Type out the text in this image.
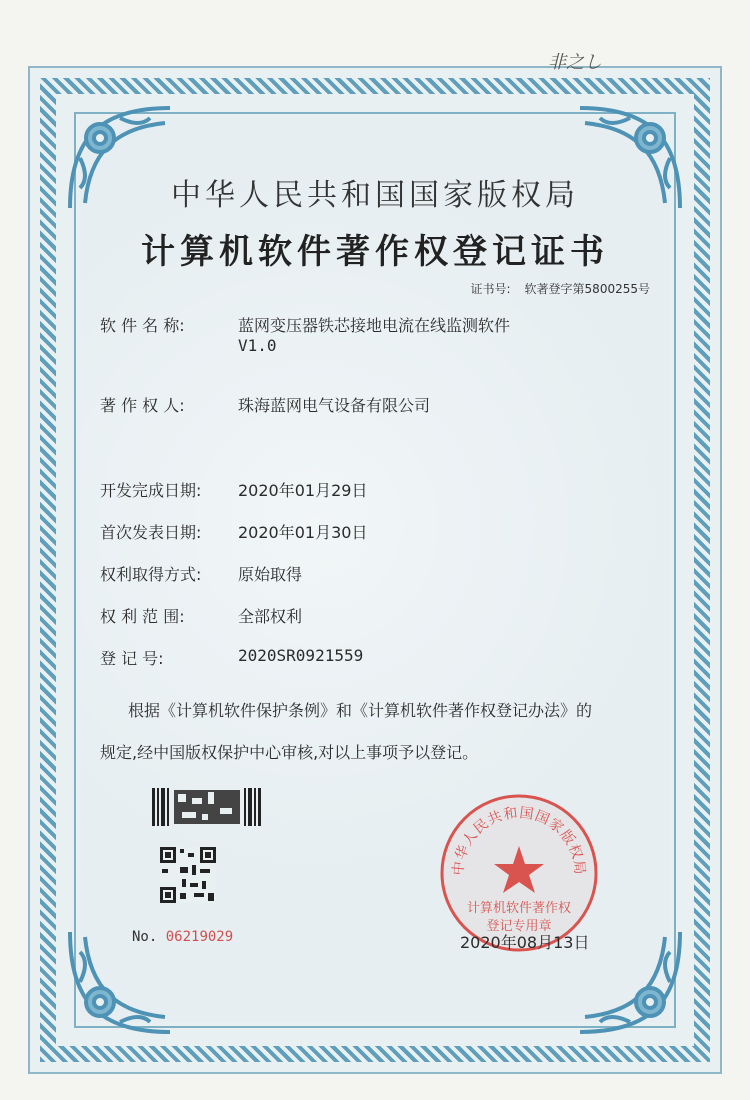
非之し
中华人民共和国国家版权局
计算机软件著作权登记证书
证书号: 软著登字第5800255号
软 件 名 称:	蓝网变压器铁芯接地电流在线监测软件
V1.0
著 作 权 人:	珠海蓝网电气设备有限公司
开发完成日期: 2020年01月29日
首次发表日期: 2020年01月30日
权利取得方式: 原始取得
权 利 范 围:	全部权利
登 记 号:	2020SR0921559
根据《计算机软件保护条例》和《计算机软件著作权登记办法》的
规定,经中国版权保护中心审核,对以上事项予以登记。
No. 06219029
中华人民共和国国家版权局
计算机软件著作权
登记专用章
2020年08月13日
